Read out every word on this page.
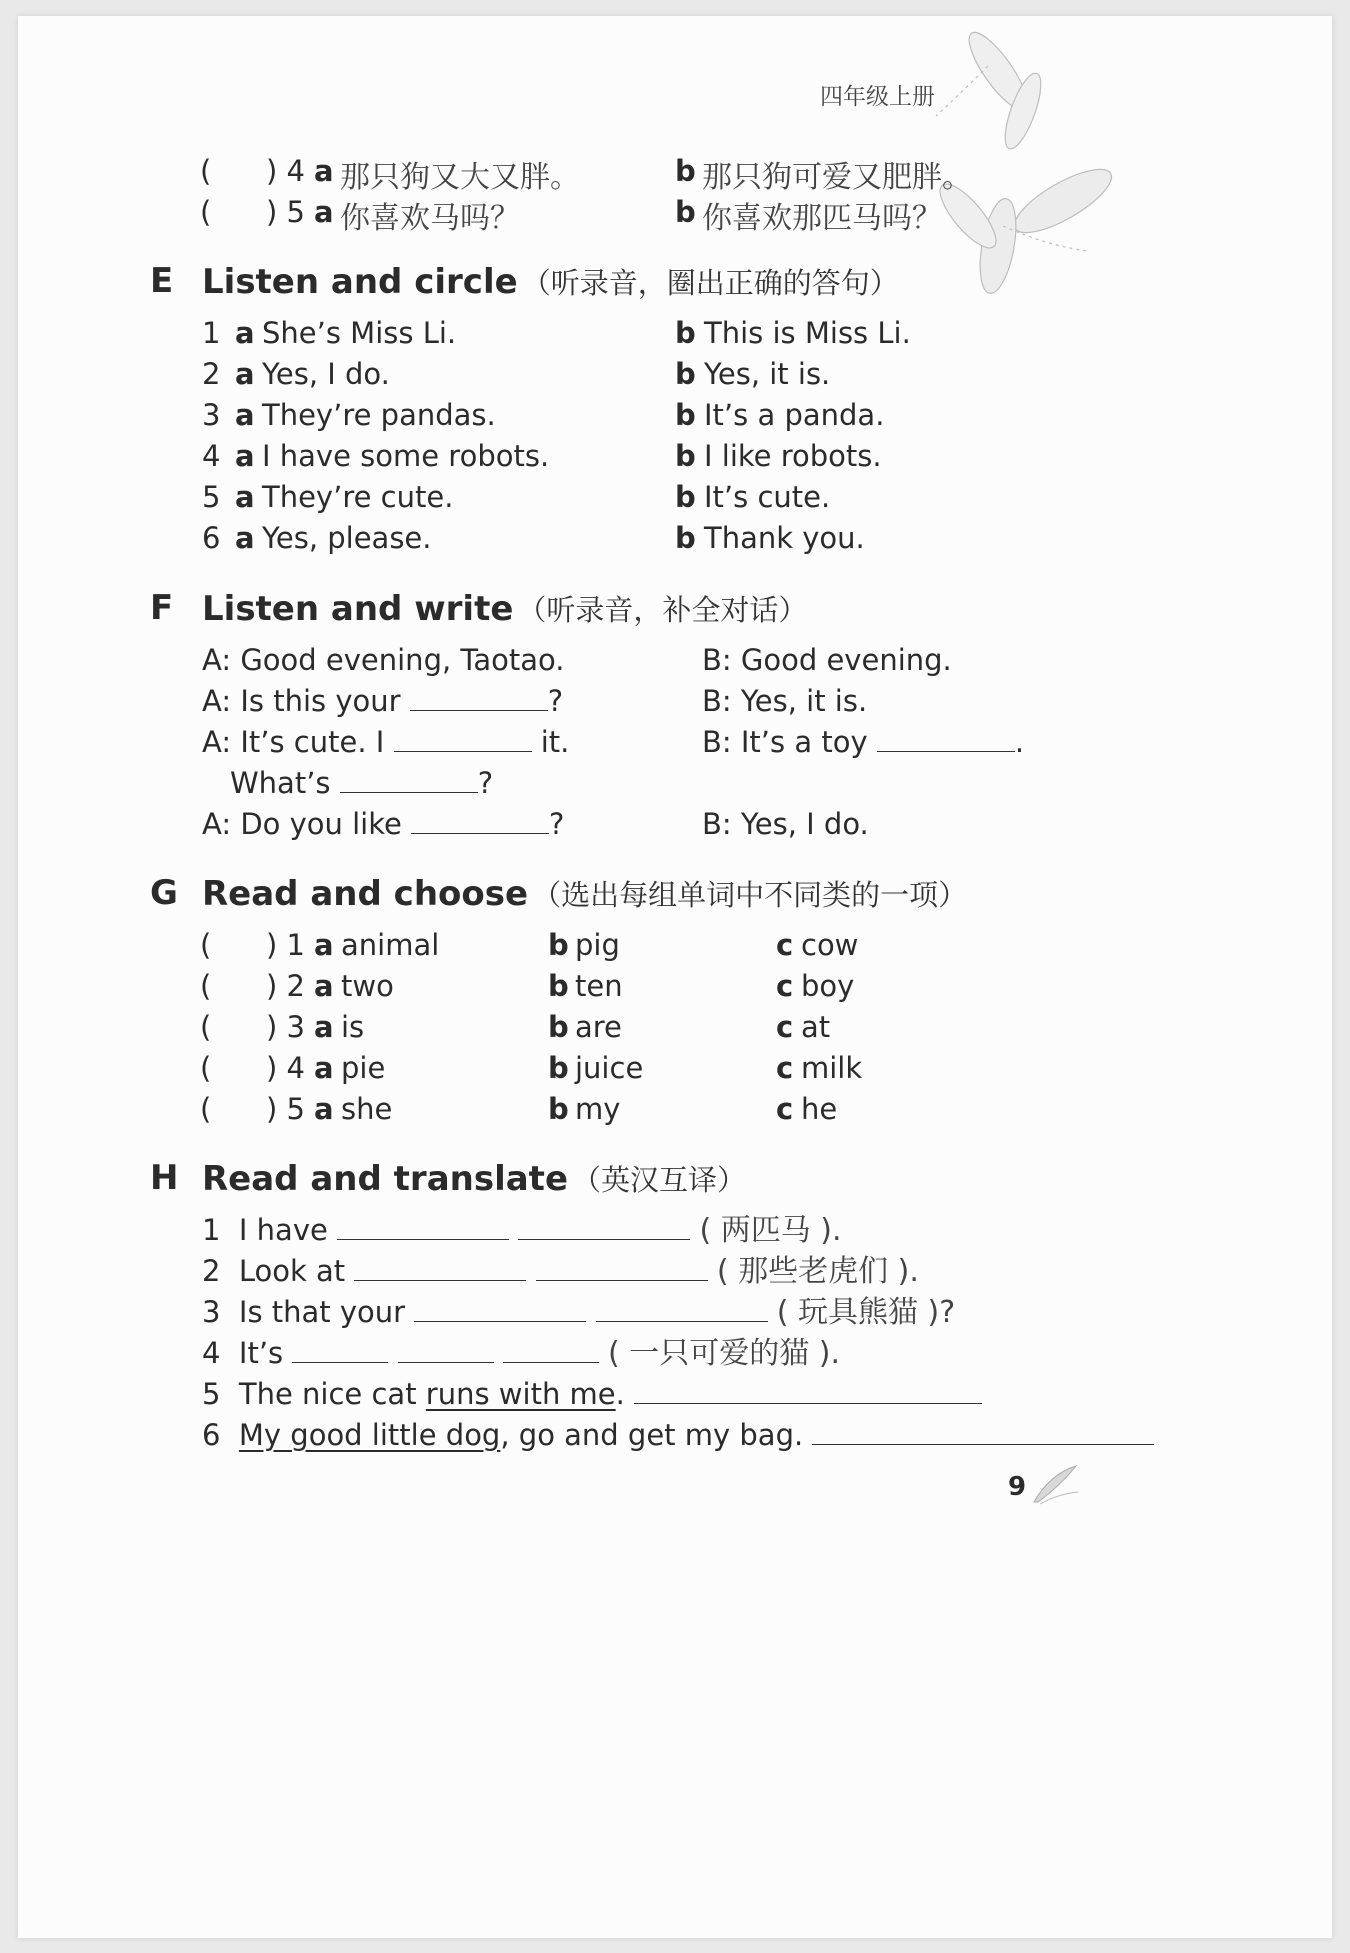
四年级上册
( ) 4 a 那只狗又大又胖。	b 那只狗可爱又肥胖。
( ) 5 a 你喜欢马吗？	b 你喜欢那匹马吗？
E Listen and circle （听录音，圈出正确的答句）
1 a She’s Miss Li.	b This is Miss Li.
2 a Yes, I do.	b Yes, it is.
3 a They’re pandas.	b It’s a panda.
4 a I have some robots.	b I like robots.
5 a They’re cute.	b It’s cute.
6 a Yes, please.	b Thank you.
F Listen and write （听录音，补全对话）
A: Good evening, Taotao.	B: Good evening.
A: Is this your	?	B: Yes, it is.
A: It’s cute. I	it.	B: It’s a toy	.
What’s	?
A: Do you like	?	B: Yes, I do.
G Read and choose （选出每组单词中不同类的一项）
( ) 1 a animal	b pig	c cow
( ) 2 a two	b ten	c boy
( ) 3 a is	b are	c at
( ) 4 a pie	b juice	c milk
( ) 5 a she	b my	c he
H Read and translate （英汉互译）
1 I have	( 两匹马 ).
2 Look at	( 那些老虎们 ).
3 Is that your	( 玩具熊猫 )?
4 It’s	( 一只可爱的猫 ).
5 The nice cat runs with me.
6 My good little dog, go and get my bag.
9
